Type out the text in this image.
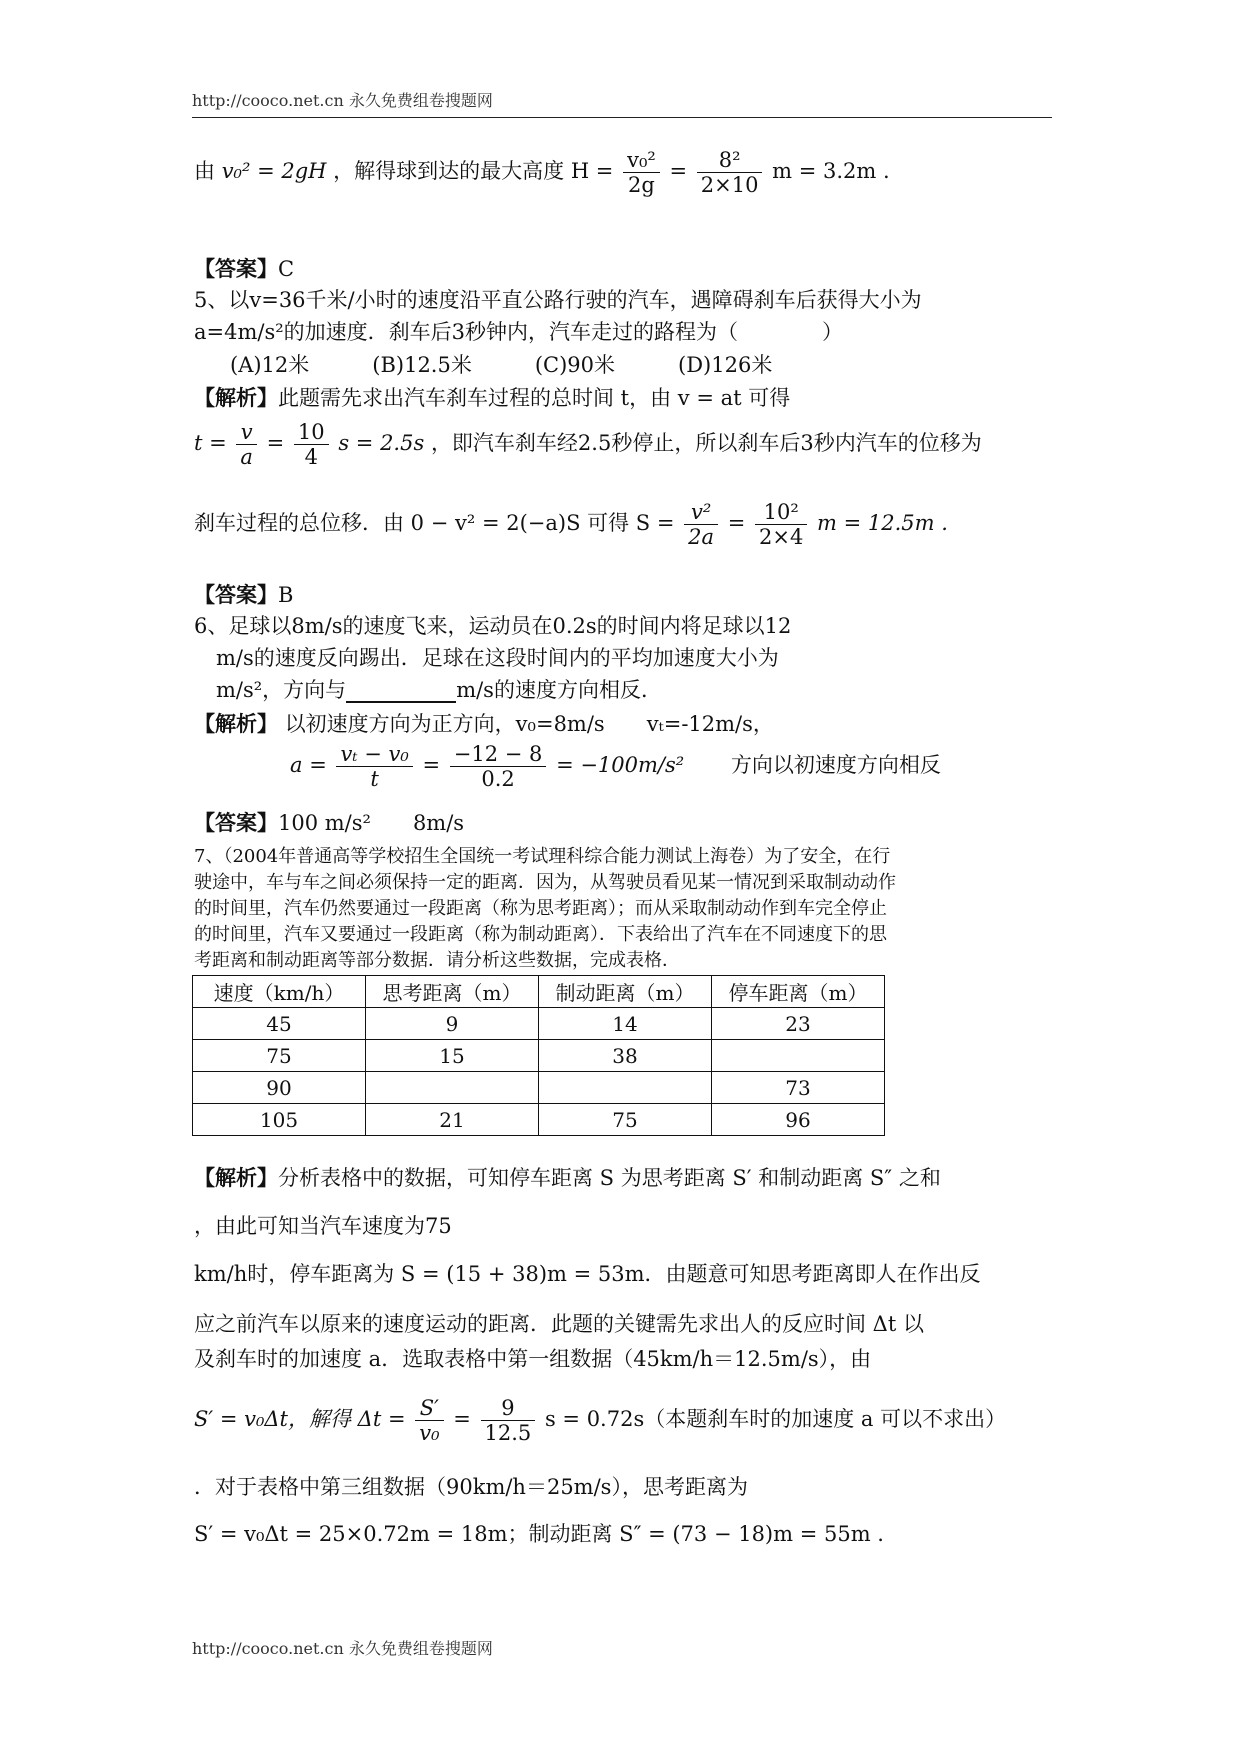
http://cooco.net.cn 永久免费组卷搜题网
由 v₀² = 2gH ，解得球到达的最大高度 $H = \frac{\text{v₀²}}{2g} = \frac{\text{8²}}{2\times 10}$ m = 3.2m .
【答案】C
5、以v=36千米/小时的速度沿平直公路行驶的汽车，遇障碍刹车后获得大小为
a=4m/s²的加速度．刹车后3秒钟内，汽车走过的路程为（　　　　）
(A)12米　　　(B)12.5米　　　(C)90米　　　(D)126米
【解析】此题需先求出汽车刹车过程的总时间 t，由 v = at 可得
$t = \frac{v}{a} = \frac{10}{4}$ s = 2.5s ，即汽车刹车经2.5秒停止，所以刹车后3秒内汽车的位移为
刹车过程的总位移．由 0 − v² = 2(−a)S 可得 $S = \frac{\text{v²}}{2a} = \frac{\text{10²}}{2\times 4}$ m = 12.5m .
【答案】B
6、足球以8m/s的速度飞来，运动员在0.2s的时间内将足球以12
m/s的速度反向踢出．足球在这段时间内的平均加速度大小为
m/s²，方向与	m/s的速度方向相反．
【解析】 以初速度方向为正方向，v₀=8m/s　　vₜ=-12m/s，
$a = \frac{\text{vₜ − v₀}}{t} = \frac{-12 - 8}{0.2} = -100m/s^2$ 方向以初速度方向相反
【答案】100 m/s²　　8m/s
7、（2004年普通高等学校招生全国统一考试理科综合能力测试上海卷）为了安全，在行
驶途中，车与车之间必须保持一定的距离．因为，从驾驶员看见某一情况到采取制动动作
的时间里，汽车仍然要通过一段距离（称为思考距离）；而从采取制动动作到车完全停止
的时间里，汽车又要通过一段距离（称为制动距离）．下表给出了汽车在不同速度下的思
考距离和制动距离等部分数据．请分析这些数据，完成表格．
速度（km/h）	思考距离（m）	制动距离（m）	停车距离（m）
45	9	14	23
75	15	38	
90			73
105	21	75	96
【解析】分析表格中的数据，可知停车距离 S 为思考距离 S′ 和制动距离 S″ 之和
，由此可知当汽车速度为75
km/h时，停车距离为 S = (15 + 38)m = 53m．由题意可知思考距离即人在作出反
应之前汽车以原来的速度运动的距离．此题的关键需先求出人的反应时间 Δt 以
及刹车时的加速度 a．选取表格中第一组数据（45km/h＝12.5m/s），由
S′ = v₀Δt，解得 $\Delta t = \frac{S'}{\text{v₀}} = \frac{9}{12.5}$ s = 0.72s（本题刹车时的加速度 a 可以不求出）
．对于表格中第三组数据（90km/h＝25m/s），思考距离为
S′ = v₀Δt = 25×0.72m = 18m；制动距离 S″ = (73 − 18)m = 55m .
http://cooco.net.cn 永久免费组卷搜题网
